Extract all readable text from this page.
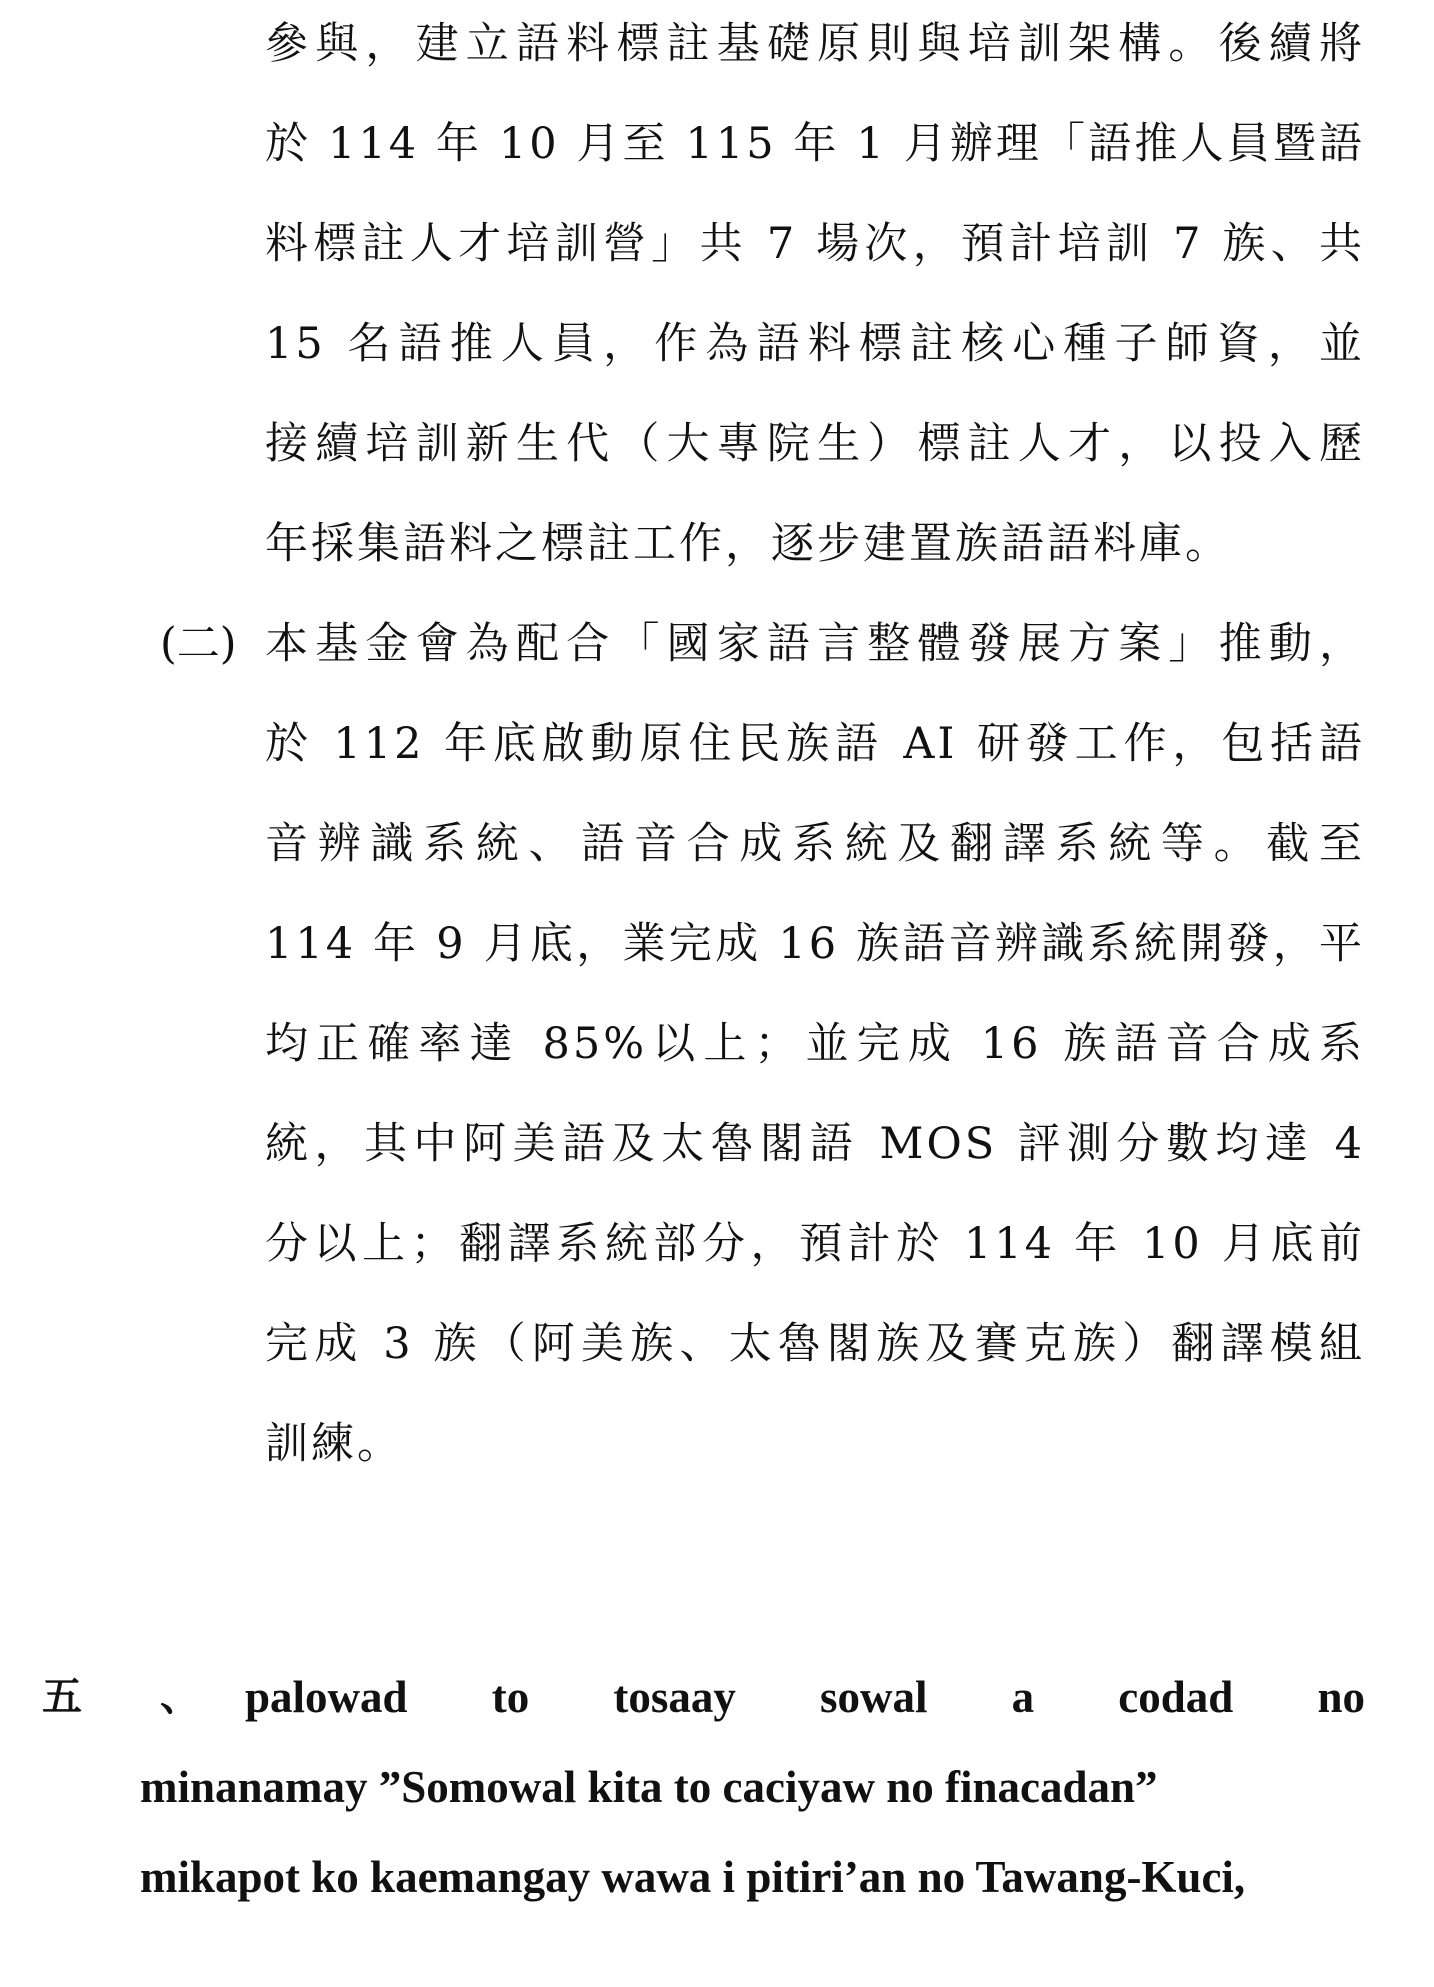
參與，建立語料標註基礎原則與培訓架構。後續將
於 114 年 10 月至 115 年 1 月辦理「語推人員暨語
料標註人才培訓營」共 7 場次，預計培訓 7 族、共
15 名語推人員，作為語料標註核心種子師資，並
接續培訓新生代（大專院生）標註人才，以投入歷
年採集語料之標註工作，逐步建置族語語料庫。
(二) 本基金會為配合「國家語言整體發展方案」推動，
於 112 年底啟動原住民族語 AI 研發工作，包括語
音辨識系統、語音合成系統及翻譯系統等。截至
114 年 9 月底，業完成 16 族語音辨識系統開發，平
均正確率達 85%以上；並完成 16 族語音合成系
統，其中阿美語及太魯閣語 MOS 評測分數均達 4
分以上；翻譯系統部分，預計於 114 年 10 月底前
完成 3 族（阿美族、太魯閣族及賽克族）翻譯模組
訓練。
五 、 palowad to tosaay sowal a codad no
minanamay ”Somowal kita to caciyaw no finacadan”
mikapot ko kaemangay wawa i pitiri’an no Tawang-Kuci,
